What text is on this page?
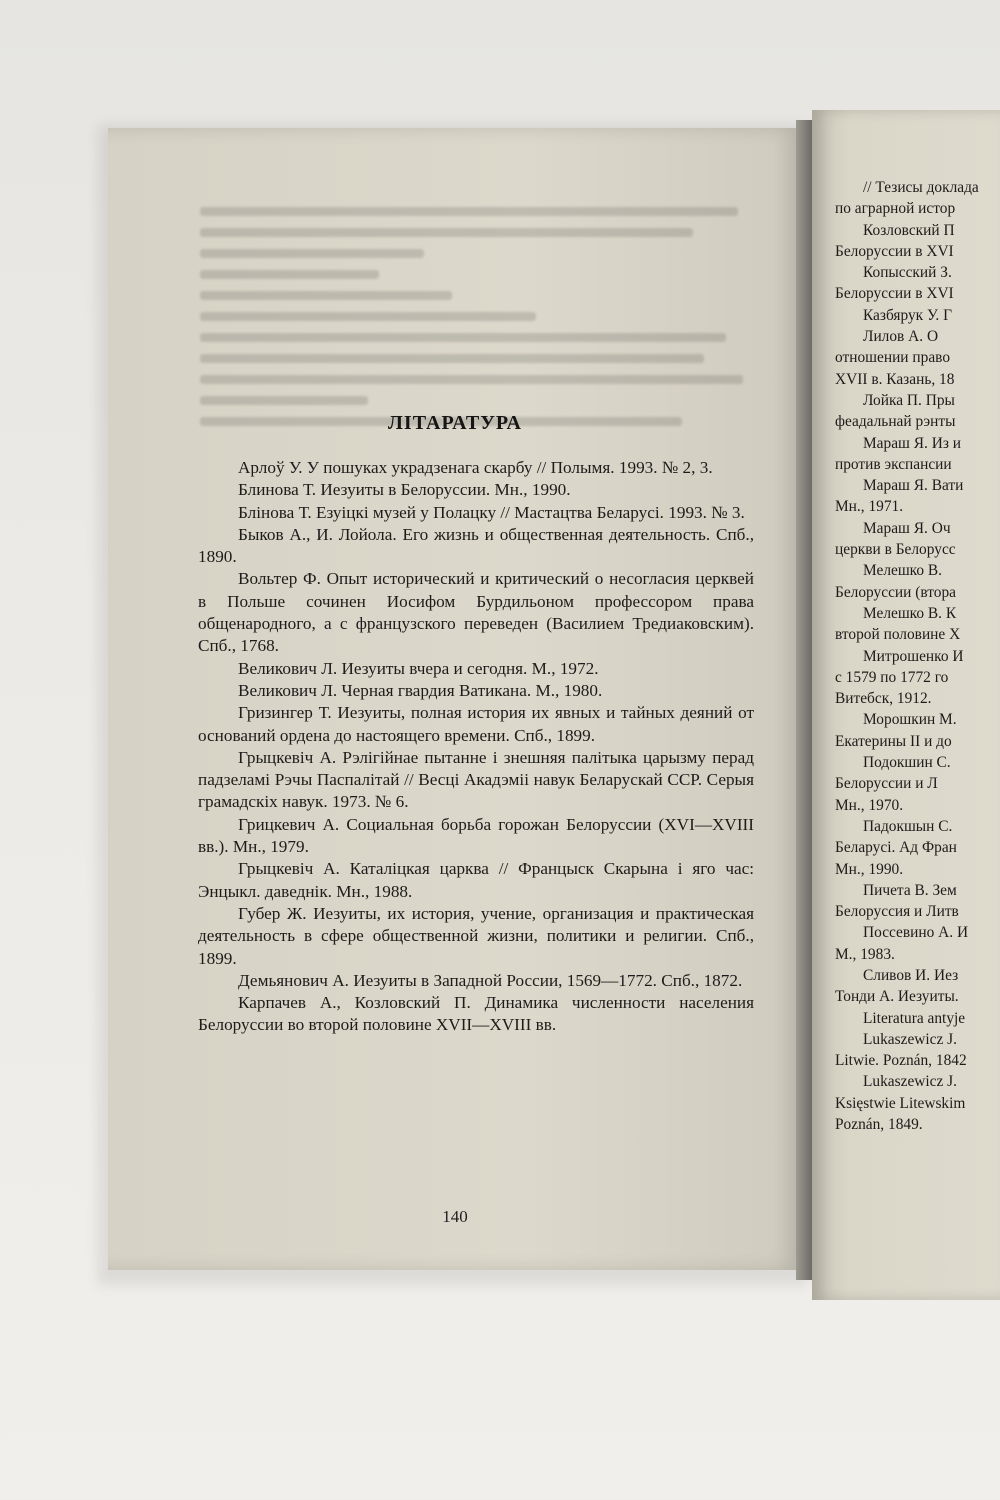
ЛІТАРАТУРА

Арлоў У. У пошуках украдзенага скарбу // Полымя. 1993. № 2, 3.

Блинова Т. Иезуиты в Белоруссии. Мн., 1990.

Блінова Т. Езуіцкі музей у Полацку // Мастацтва Беларусі. 1993. № 3.

Быков А., И. Лойола. Его жизнь и общественная деятельность. Спб., 1890.

Вольтер Ф. Опыт исторический и критический о несогласия церквей в Польше сочинен Иосифом Бурдильоном профессором права общенародного, а с французского переведен (Василием Тредиаковским). Спб., 1768.

Великович Л. Иезуиты вчера и сегодня. М., 1972.

Великович Л. Черная гвардия Ватикана. М., 1980.

Гризингер Т. Иезуиты, полная история их явных и тайных деяний от оснований ордена до настоящего времени. Спб., 1899.

Грыцкевіч А. Рэлігійнае пытанне і знешняя палітыка царызму перад падзеламі Рэчы Паспалітай // Весці Акадэміі навук Беларускай ССР. Серыя грамадскіх навук. 1973. № 6.

Грицкевич А. Социальная борьба горожан Белоруссии (XVI—XVIII вв.). Мн., 1979.

Грыцкевіч А. Каталіцкая царква // Францыск Скарына і яго час: Энцыкл. даведнік. Мн., 1988.

Губер Ж. Иезуиты, их история, учение, организация и практическая деятельность в сфере общественной жизни, политики и религии. Спб., 1899.

Демьянович А. Иезуиты в Западной России, 1569—1772. Спб., 1872.

Карпачев А., Козловский П. Динамика численности населения Белоруссии во второй половине XVII—XVIII вв.

140
// Тезисы доклада
по аграрной истор
Козловский П
Белоруссии в XVI
Копысский З.
Белоруссии в XVI
Казбярук У. Г
Лилов А. О
отношении право
XVII в. Казань, 18
Лойка П. Пры
феадальнай рэнты
Мараш Я. Из и
против экспансии
Мараш Я. Вати
Мн., 1971.
Мараш Я. Оч
церкви в Белорусс
Мелешко В.
Белоруссии (втора
Мелешко В. К
второй половине Х
Митрошенко И
с 1579 по 1772 го
Витебск, 1912.
Морошкин М.
Екатерины II и до
Подокшин С.
Белоруссии и Л
Мн., 1970.
Падокшын С.
Беларусі. Ад Фран
Мн., 1990.
Пичета В. Зем
Белоруссия и Литв
Поссевино А. И
М., 1983.
Сливов И. Иез
Тонди А. Иезуиты.
Literatura antyje
Lukaszewicz J.
Litwie. Poznán, 1842
Lukaszewicz J.
Księstwie Litewskim
Poznán, 1849.
